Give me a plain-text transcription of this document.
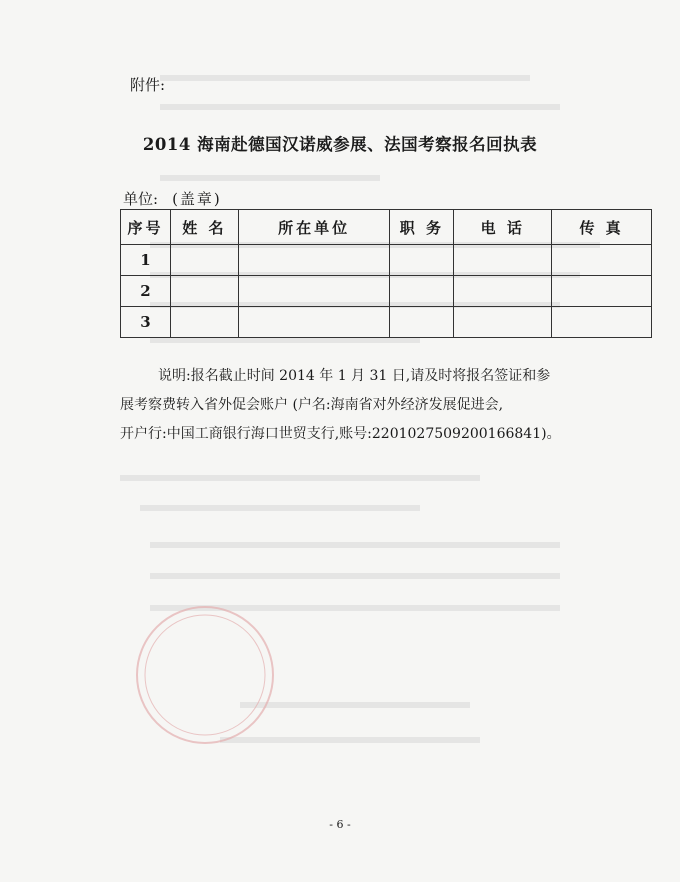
附件:
2014 海南赴德国汉诺威参展、法国考察报名回执表
单位: (盖章)
序号	姓 名	所在单位	职 务	电 话	传 真
1					
2					
3					

说明:报名截止时间 2014 年 1 月 31 日,请及时将报名签证和参

展考察费转入省外促会账户 (户名:海南省对外经济发展促进会,

开户行:中国工商银行海口世贸支行,账号:2201027509200166841)。

- 6 -
